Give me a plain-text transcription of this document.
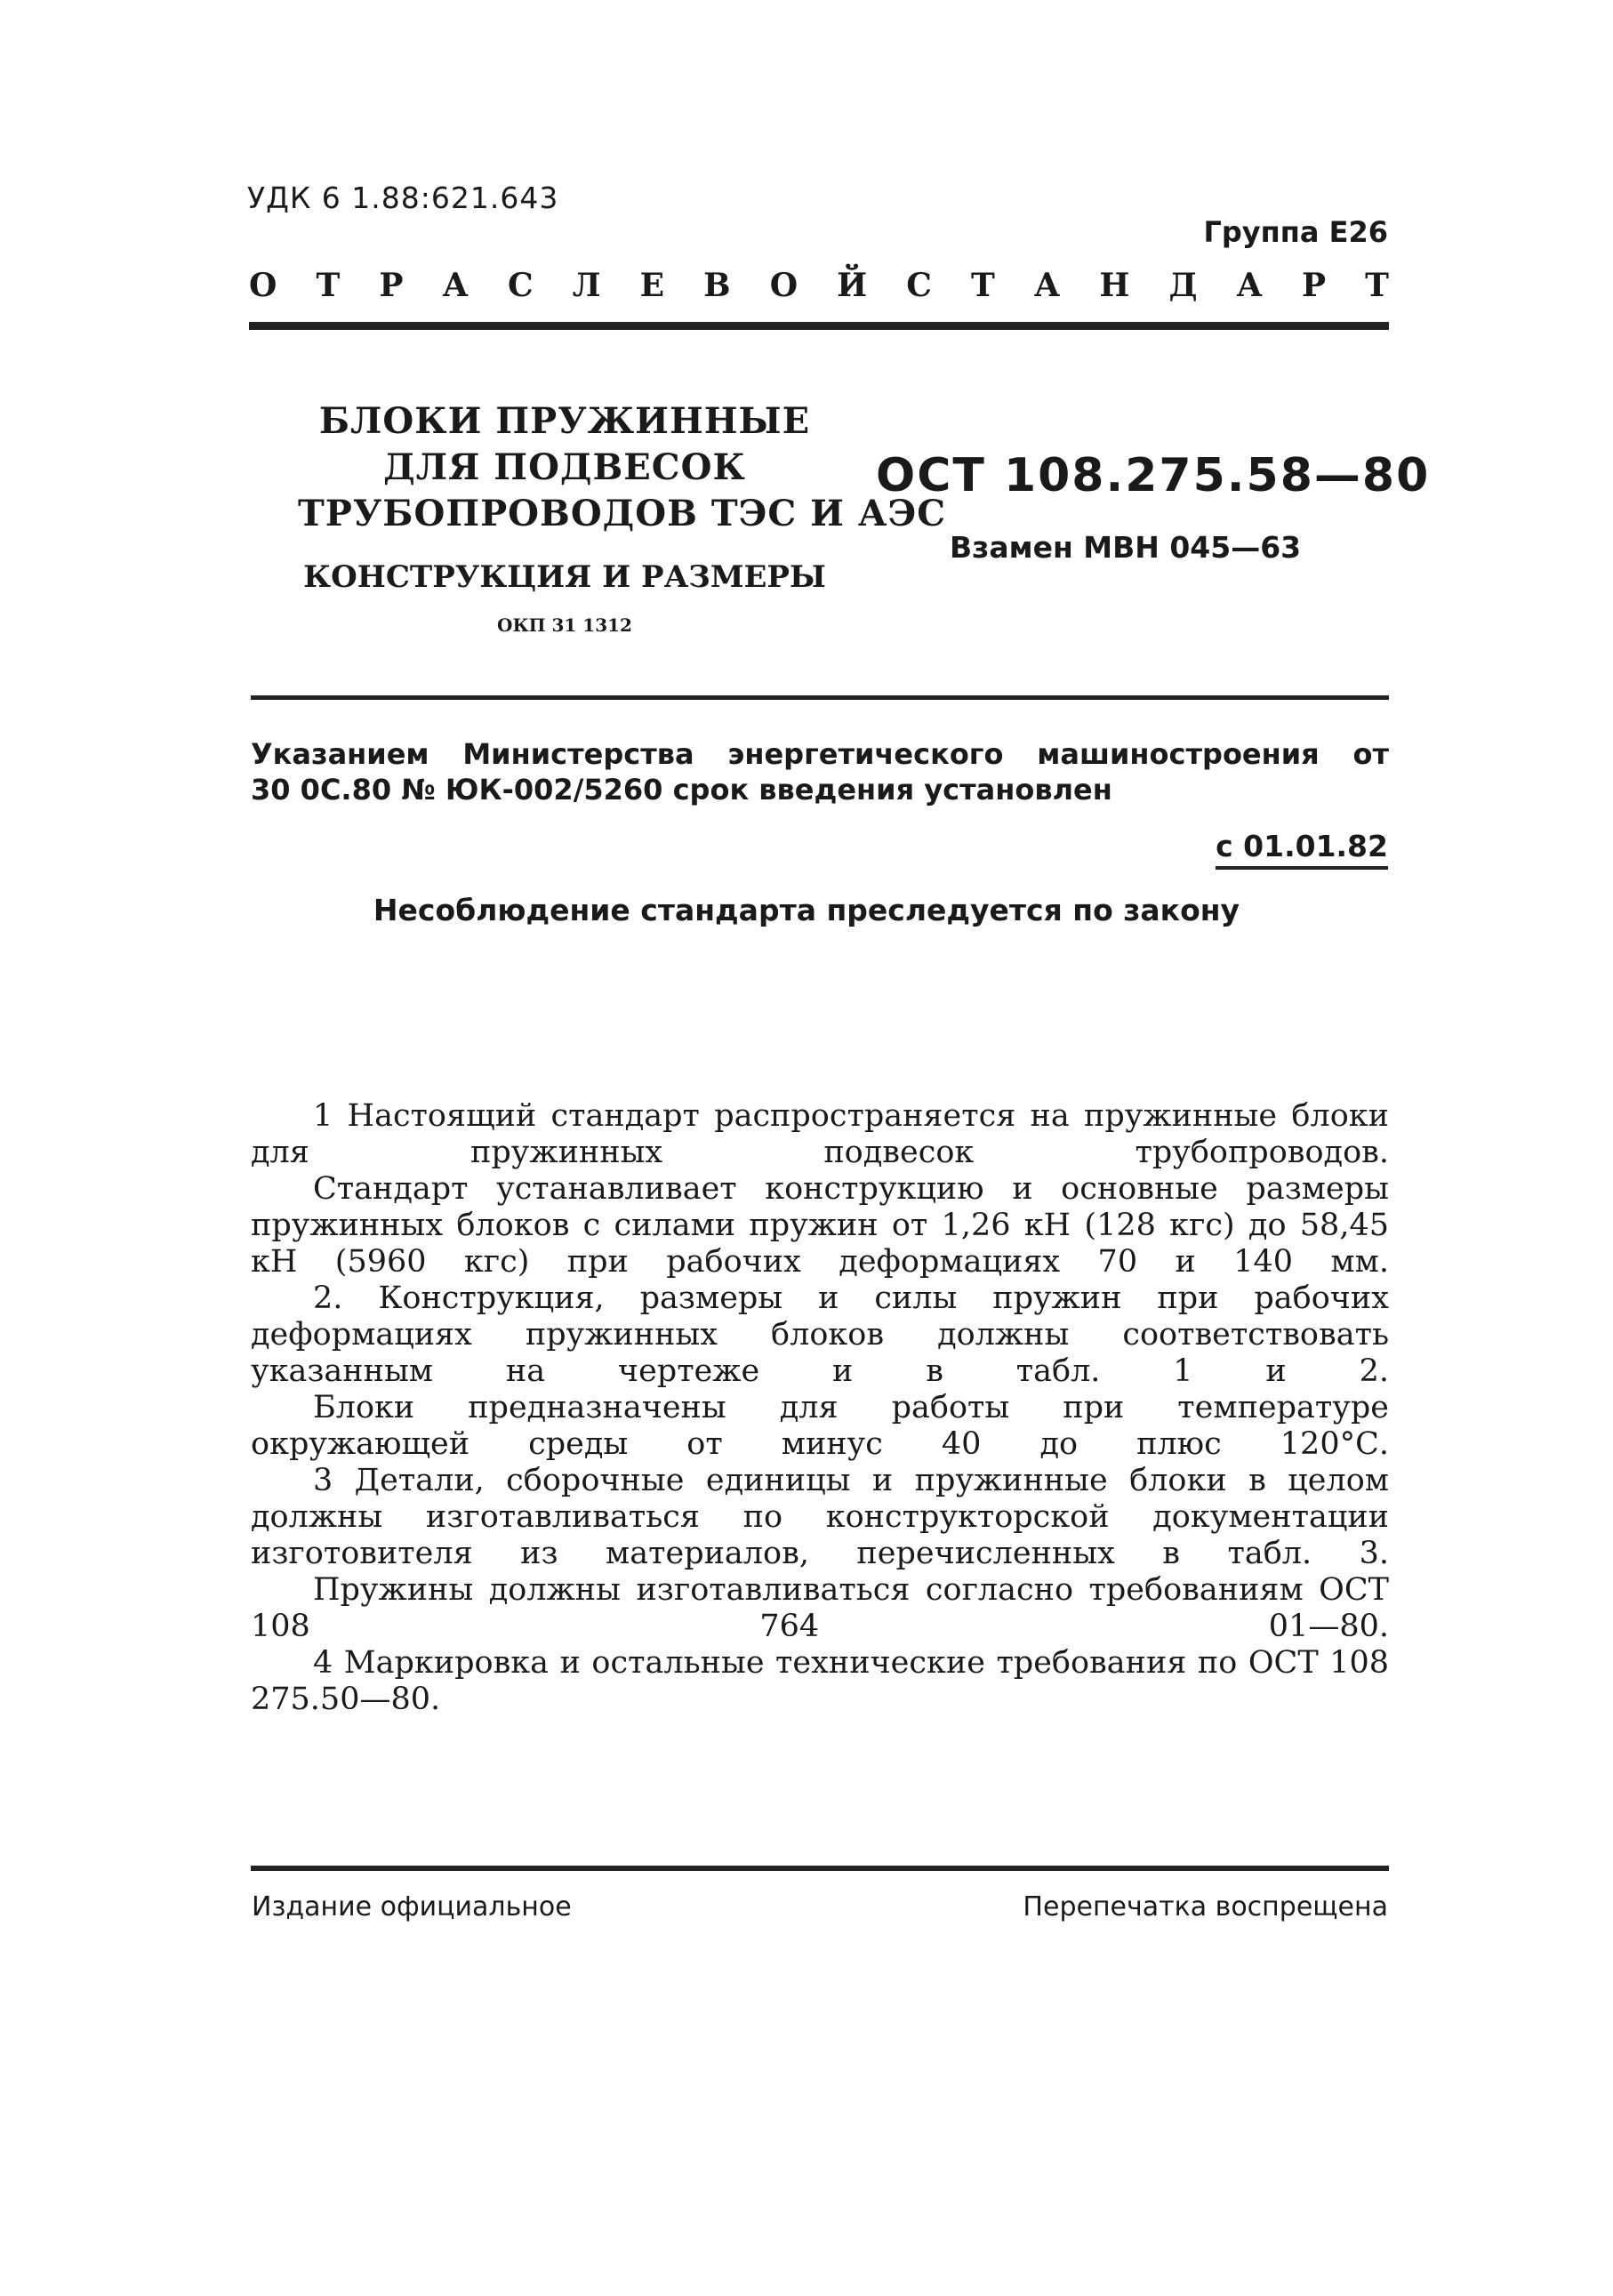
УДК 6 1.88:621.643
Группа Е26
О Т Р А С Л Е В О Й С Т А Н Д А Р Т
БЛОКИ ПРУЖИННЫЕ
ДЛЯ ПОДВЕСОК
ТРУБОПРОВОДОВ ТЭС И АЭС
КОНСТРУКЦИЯ И РАЗМЕРЫ
ОКП 31 1312
ОСТ 108.275.58—80
Взамен МВН 045—63
Указанием Министерства энергетического машиностроения от
30 0C.80 № ЮК-002/5260 срок введения установлен
с 01.01.82
Несоблюдение стандарта преследуется по закону

1 Настоящий стандарт распространяется на пружинные блоки для пружинных подвесок трубопроводов.

Стандарт устанавливает конструкцию и основные размеры пружинных блоков с силами пружин от 1,26 кН (128 кгс) до 58,45 кН (5960 кгс) при рабочих деформациях 70 и 140 мм.

2. Конструкция, размеры и силы пружин при рабочих деформациях пружинных блоков должны соответствовать указанным на чертеже и в табл. 1 и 2.

Блоки предназначены для работы при температуре окружающей среды от минус 40 до плюс 120°С.

3 Детали, сборочные единицы и пружинные блоки в целом должны изготавливаться по конструкторской документации изготовителя из материалов, перечисленных в табл. 3.

Пружины должны изготавливаться согласно требованиям ОСТ 108 764 01—80.

4 Маркировка и остальные технические требования по ОСТ 108 275.50—80.

Издание официальное	Перепечатка воспрещена
